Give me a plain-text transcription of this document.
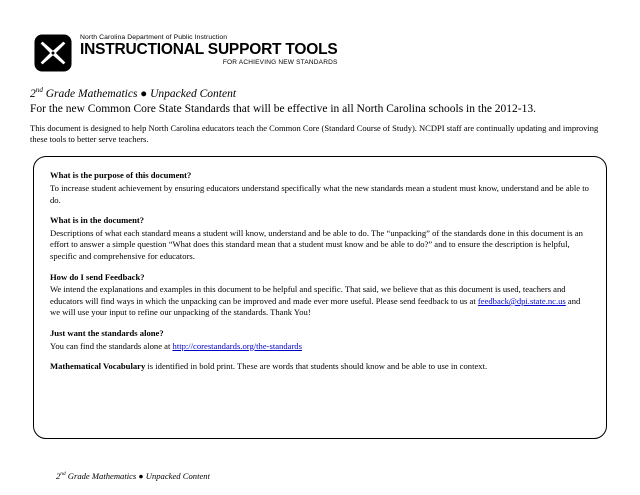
North Carolina Department of Public Instruction
INSTRUCTIONAL SUPPORT TOOLS
FOR ACHIEVING NEW STANDARDS
2nd Grade Mathematics ● Unpacked Content
For the new Common Core State Standards that will be effective in all North Carolina schools in the 2012-13.
This document is designed to help North Carolina educators teach the Common Core (Standard Course of Study). NCDPI staff are continually updating and improving these tools to better serve teachers.
What is the purpose of this document?
To increase student achievement by ensuring educators understand specifically what the new standards mean a student must know, understand and be able to do.
What is in the document?
Descriptions of what each standard means a student will know, understand and be able to do. The “unpacking” of the standards done in this document is an effort to answer a simple question “What does this standard mean that a student must know and be able to do?” and to ensure the description is helpful, specific and comprehensive for educators.
How do I send Feedback?
We intend the explanations and examples in this document to be helpful and specific. That said, we believe that as this document is used, teachers and educators will find ways in which the unpacking can be improved and made ever more useful. Please send feedback to us at feedback@dpi.state.nc.us and we will use your input to refine our unpacking of the standards. Thank You!
Just want the standards alone?
You can find the standards alone at http://corestandards.org/the-standards
Mathematical Vocabulary is identified in bold print. These are words that students should know and be able to use in context.
2nd Grade Mathematics ● Unpacked Content
